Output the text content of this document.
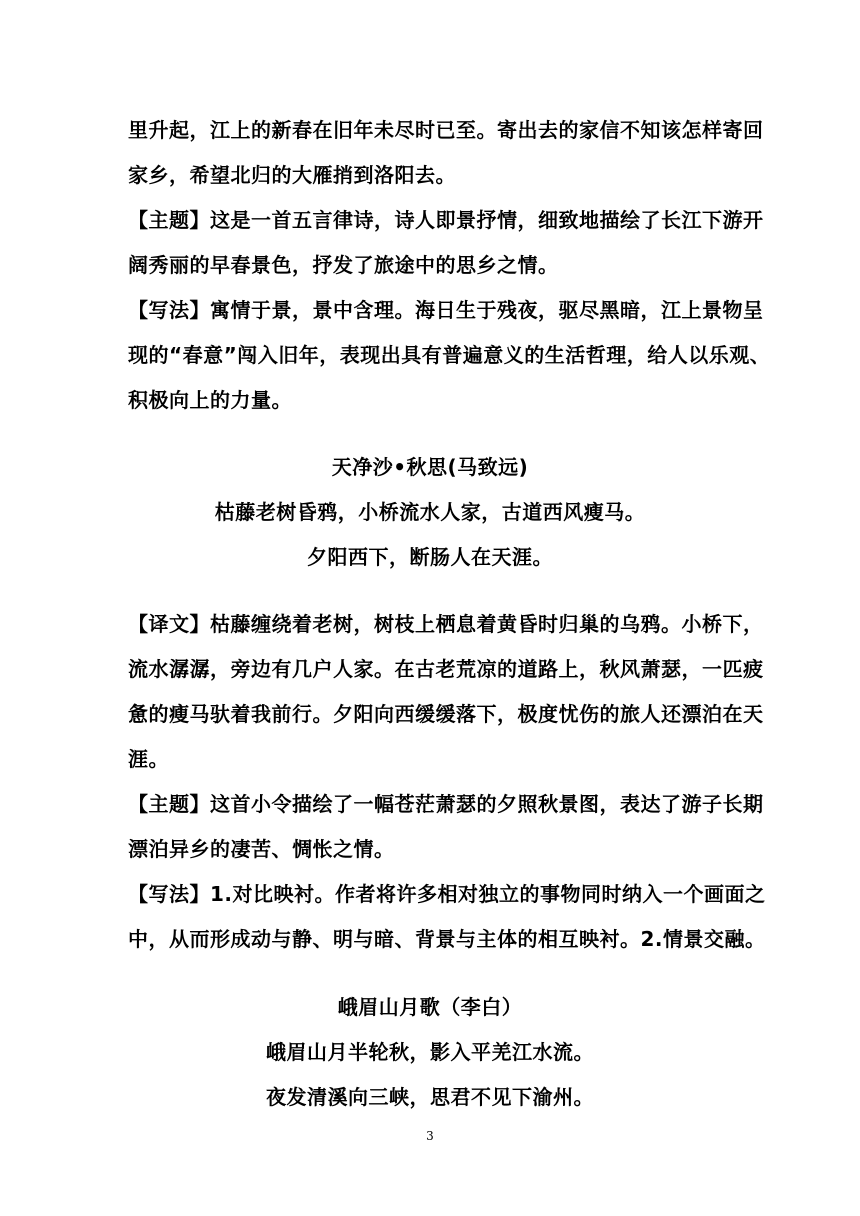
里升起，江上的新春在旧年未尽时已至。寄出去的家信不知该怎样寄回
家乡，希望北归的大雁捎到洛阳去。
【主题】这是一首五言律诗，诗人即景抒情，细致地描绘了长江下游开
阔秀丽的早春景色，抒发了旅途中的思乡之情。
【写法】寓情于景，景中含理。海日生于残夜，驱尽黑暗，江上景物呈
现的“春意”闯入旧年，表现出具有普遍意义的生活哲理，给人以乐观、
积极向上的力量。
天净沙•秋思(马致远)
枯藤老树昏鸦，小桥流水人家，古道西风瘦马。
夕阳西下，断肠人在天涯。
【译文】枯藤缠绕着老树，树枝上栖息着黄昏时归巢的乌鸦。小桥下，
流水潺潺，旁边有几户人家。在古老荒凉的道路上，秋风萧瑟，一匹疲
惫的瘦马驮着我前行。夕阳向西缓缓落下，极度忧伤的旅人还漂泊在天
涯。
【主题】这首小令描绘了一幅苍茫萧瑟的夕照秋景图，表达了游子长期
漂泊异乡的凄苦、惆怅之情。
【写法】1.对比映衬。作者将许多相对独立的事物同时纳入一个画面之
中，从而形成动与静、明与暗、背景与主体的相互映衬。2.情景交融。
峨眉山月歌（李白）
峨眉山月半轮秋，影入平羌江水流。
夜发清溪向三峡，思君不见下渝州。
3
